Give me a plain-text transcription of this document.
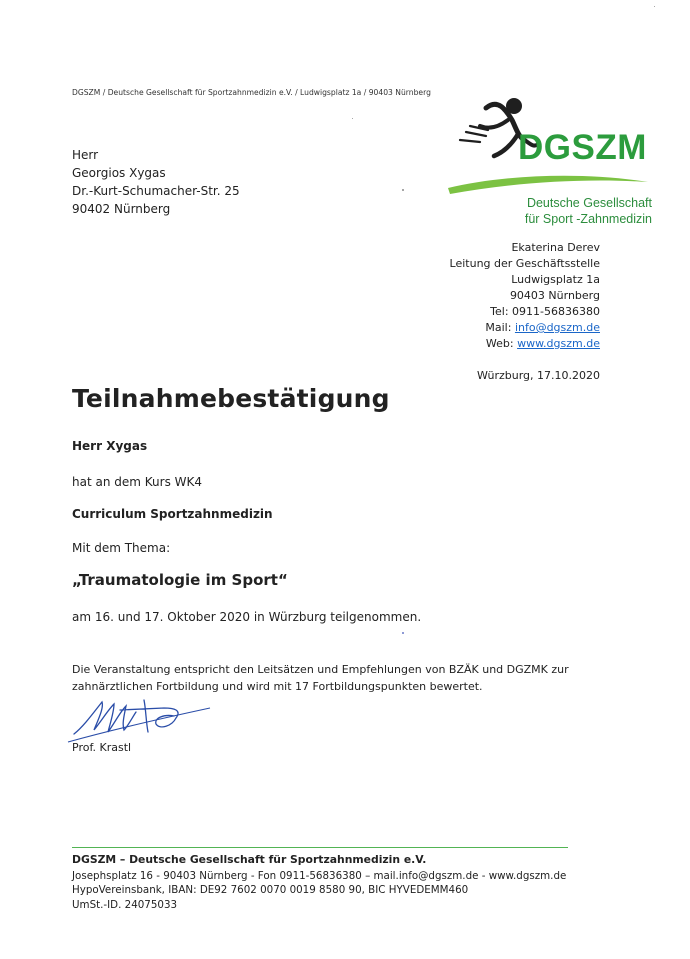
DGSZM / Deutsche Gesellschaft für Sportzahnmedizin e.V. / Ludwigsplatz 1a / 90403 Nürnberg
Herr
Georgios Xygas
Dr.-Kurt-Schumacher-Str. 25
90402 Nürnberg
DGSZM
Deutsche Gesellschaft
für Sport -Zahnmedizin
Ekaterina Derev
Leitung der Geschäftsstelle
Ludwigsplatz 1a
90403 Nürnberg
Tel: 0911-56836380
Mail: info@dgszm.de
Web: www.dgszm.de
Würzburg, 17.10.2020
Teilnahmebestätigung
Herr Xygas
hat an dem Kurs WK4
Curriculum Sportzahnmedizin
Mit dem Thema:
„Traumatologie im Sport“
am 16. und 17. Oktober 2020 in Würzburg teilgenommen.
Die Veranstaltung entspricht den Leitsätzen und Empfehlungen von BZÄK und DGZMK zur zahnärztlichen Fortbildung und wird mit 17 Fortbildungspunkten bewertet.
Prof. Krastl
DGSZM – Deutsche Gesellschaft für Sportzahnmedizin e.V.
Josephsplatz 16 - 90403 Nürnberg - Fon 0911-56836380 – mail.info@dgszm.de - www.dgszm.de
HypoVereinsbank, IBAN: DE92 7602 0070 0019 8580 90, BIC HYVEDEMM460
UmSt.-ID. 24075033
